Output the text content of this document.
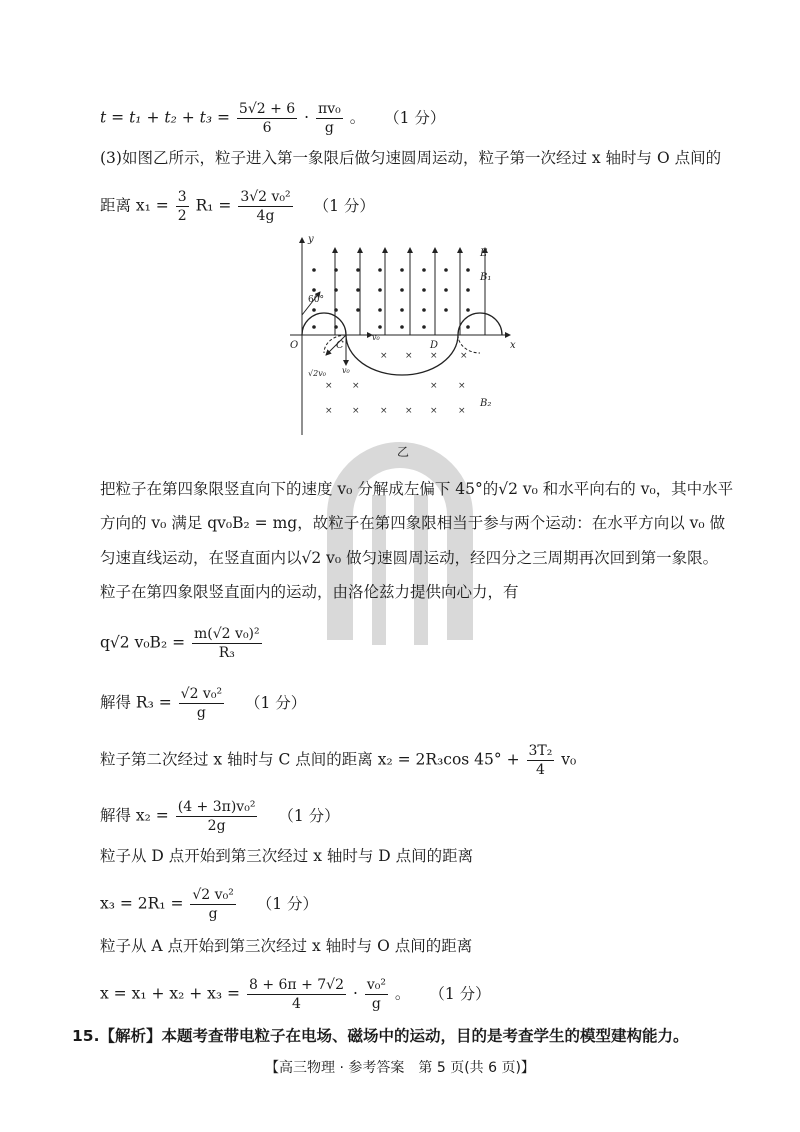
$t = t_1 + t_2 + t_3 = \frac{5√2 + 6}{6} \cdot \frac{\text{πv₀}}{g}$ 。 （1 分）
(3)如图乙所示，粒子进入第一象限后做匀速圆周运动，粒子第一次经过 x 轴时与 O 点间的
距离 $x_1 = \frac{3}{2} R_1 = \frac{\text{3√2 v₀²}}{4g} (1$ 分）
× × × ×
× ×	× ×
× × × × × ×
y
x
O	C	D
E
B₁
B₂
60°
v₀
v₀
√2v₀
乙
把粒子在第四象限竖直向下的速度 v₀ 分解成左偏下 45°的√2 v₀ 和水平向右的 v₀，其中水平
方向的 v₀ 满足 qv₀B₂ = mg，故粒子在第四象限相当于参与两个运动：在水平方向以 v₀ 做
匀速直线运动，在竖直面内以√2 v₀ 做匀速圆周运动，经四分之三周期再次回到第一象限。
粒子在第四象限竖直面内的运动，由洛伦兹力提供向心力，有
q√2 $v_0B_2 = \frac{\text{m(√2 v₀)²}}{\text{R₃}}$
解得 $R_3 = \frac{\text{√2 v₀²}}{g} (1$ 分）
粒子第二次经过 x 轴时与 C 点间的距离 x₂ = 2R₃cos $45^\circ + \frac{\text{3T₂}}{4} v_0$
解得 $x_2 = \frac{\text{(4 + 3π)v₀²}}{2g} (1$ 分）
粒子从 D 点开始到第三次经过 x 轴时与 D 点间的距离
$x_3 = 2R_1 = \frac{\text{√2 v₀²}}{g} (1$ 分）
粒子从 A 点开始到第三次经过 x 轴时与 O 点间的距离
$x = x_1 + x_2 + x_3 = \frac{8 + 6\pi + 7√2}{4} \cdot \frac{\text{v₀²}}{g}$ 。 （1 分）
15.【解析】本题考查带电粒子在电场、磁场中的运动，目的是考查学生的模型建构能力。
【高三物理 · 参考答案　第 5 页(共 6 页)】
